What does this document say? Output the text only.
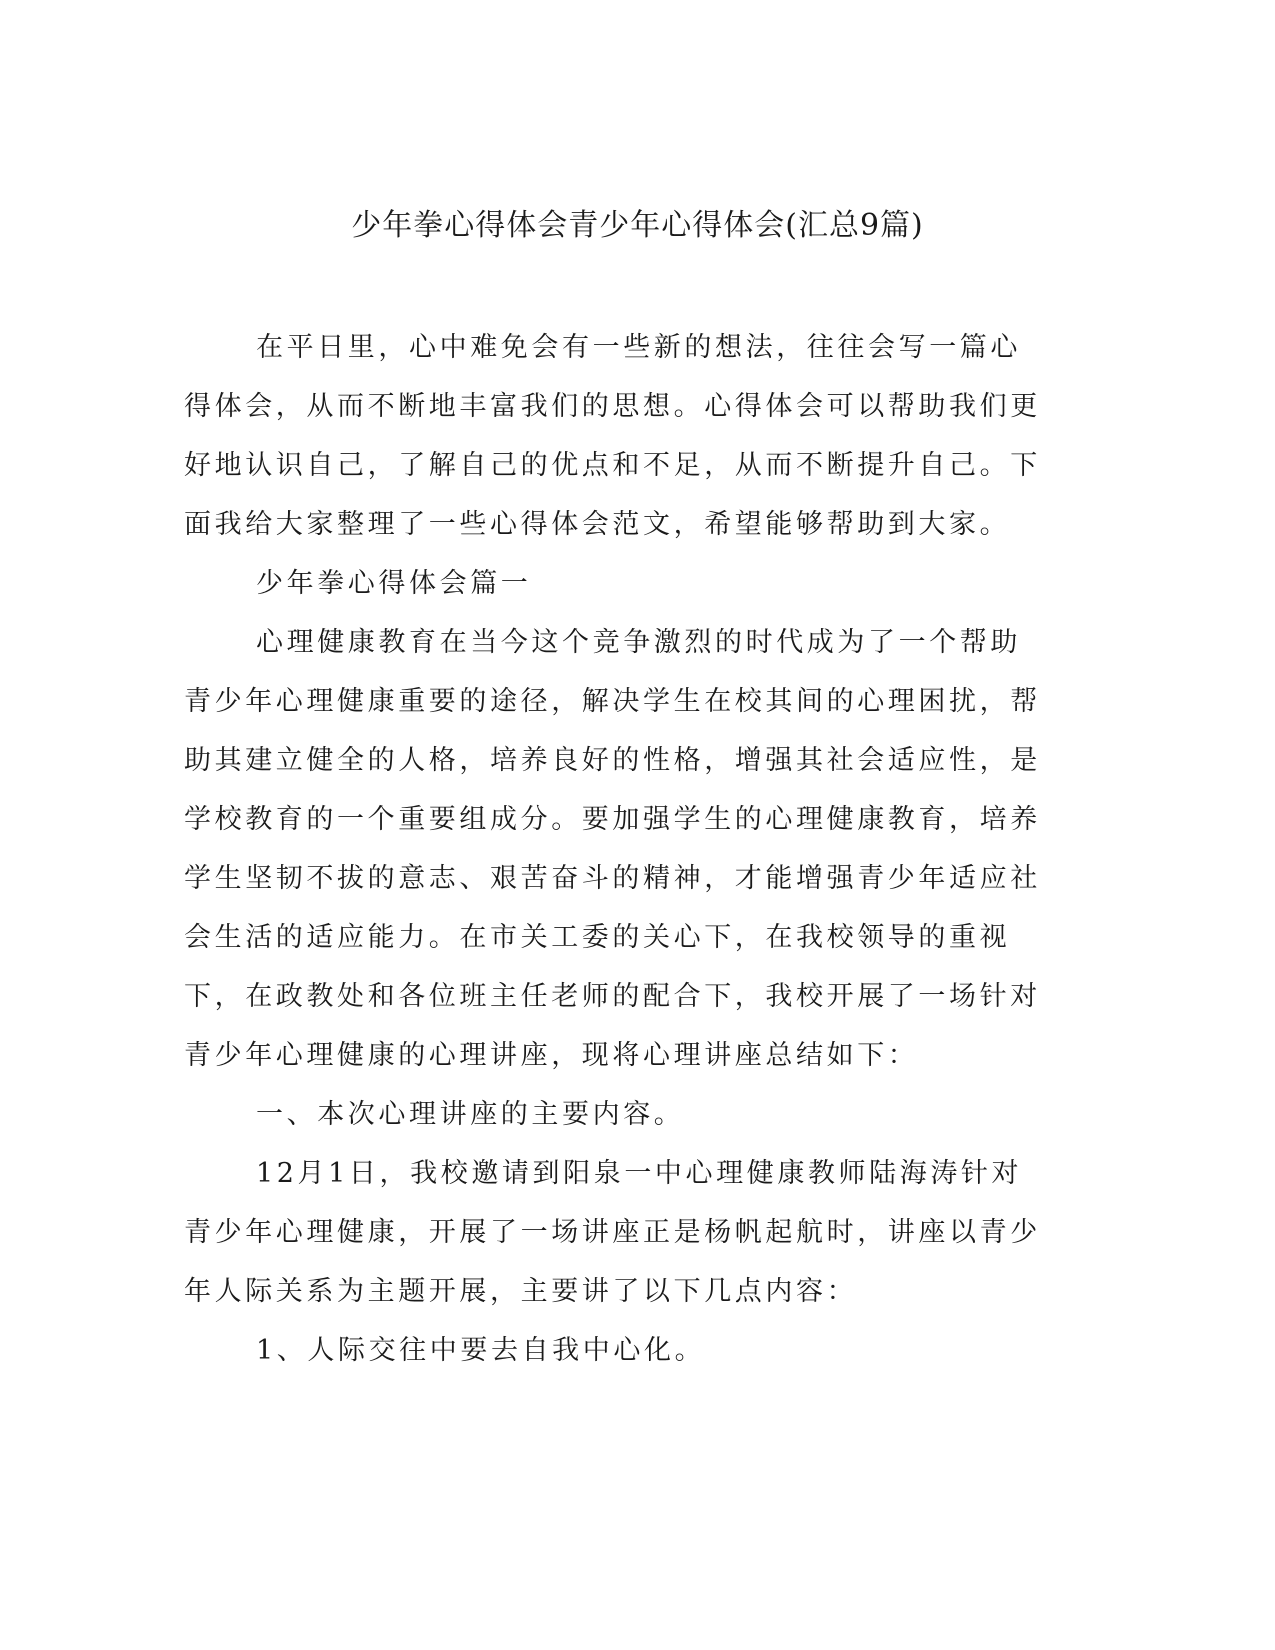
少年拳心得体会青少年心得体会(汇总9篇)

在平日里，心中难免会有一些新的想法，往往会写一篇心得体会，从而不断地丰富我们的思想。心得体会可以帮助我们更好地认识自己，了解自己的优点和不足，从而不断提升自己。下面我给大家整理了一些心得体会范文，希望能够帮助到大家。

少年拳心得体会篇一

心理健康教育在当今这个竞争激烈的时代成为了一个帮助青少年心理健康重要的途径，解决学生在校其间的心理困扰，帮助其建立健全的人格，培养良好的性格，增强其社会适应性，是学校教育的一个重要组成分。要加强学生的心理健康教育，培养学生坚韧不拔的意志、艰苦奋斗的精神，才能增强青少年适应社会生活的适应能力。在市关工委的关心下，在我校领导的重视下，在政教处和各位班主任老师的配合下，我校开展了一场针对青少年心理健康的心理讲座，现将心理讲座总结如下：

一、本次心理讲座的主要内容。

12月1日，我校邀请到阳泉一中心理健康教师陆海涛针对青少年心理健康，开展了一场讲座正是杨帆起航时，讲座以青少年人际关系为主题开展，主要讲了以下几点内容：

1、人际交往中要去自我中心化。
